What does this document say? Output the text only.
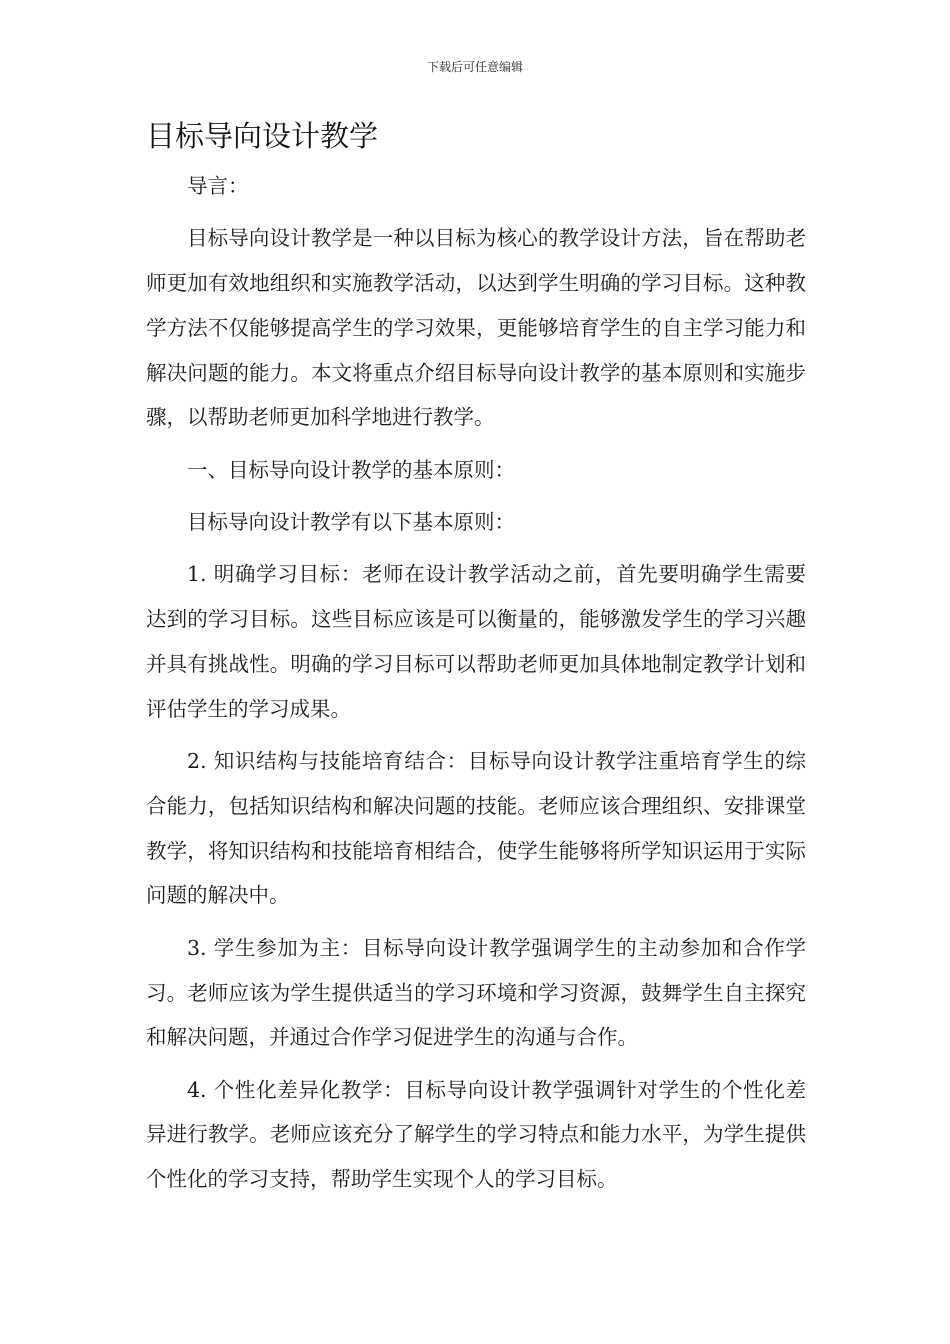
下载后可任意编辑
目标导向设计教学

导言：

目标导向设计教学是一种以目标为核心的教学设计方法，旨在帮助老师更加有效地组织和实施教学活动，以达到学生明确的学习目标。这种教学方法不仅能够提高学生的学习效果，更能够培育学生的自主学习能力和解决问题的能力。本文将重点介绍目标导向设计教学的基本原则和实施步骤，以帮助老师更加科学地进行教学。

一、目标导向设计教学的基本原则：

目标导向设计教学有以下基本原则：

1. 明确学习目标：老师在设计教学活动之前，首先要明确学生需要达到的学习目标。这些目标应该是可以衡量的，能够激发学生的学习兴趣并具有挑战性。明确的学习目标可以帮助老师更加具体地制定教学计划和评估学生的学习成果。

2. 知识结构与技能培育结合：目标导向设计教学注重培育学生的综合能力，包括知识结构和解决问题的技能。老师应该合理组织、安排课堂教学，将知识结构和技能培育相结合，使学生能够将所学知识运用于实际问题的解决中。

3. 学生参加为主：目标导向设计教学强调学生的主动参加和合作学习。老师应该为学生提供适当的学习环境和学习资源，鼓舞学生自主探究和解决问题，并通过合作学习促进学生的沟通与合作。

4. 个性化差异化教学：目标导向设计教学强调针对学生的个性化差异进行教学。老师应该充分了解学生的学习特点和能力水平，为学生提供个性化的学习支持，帮助学生实现个人的学习目标。
